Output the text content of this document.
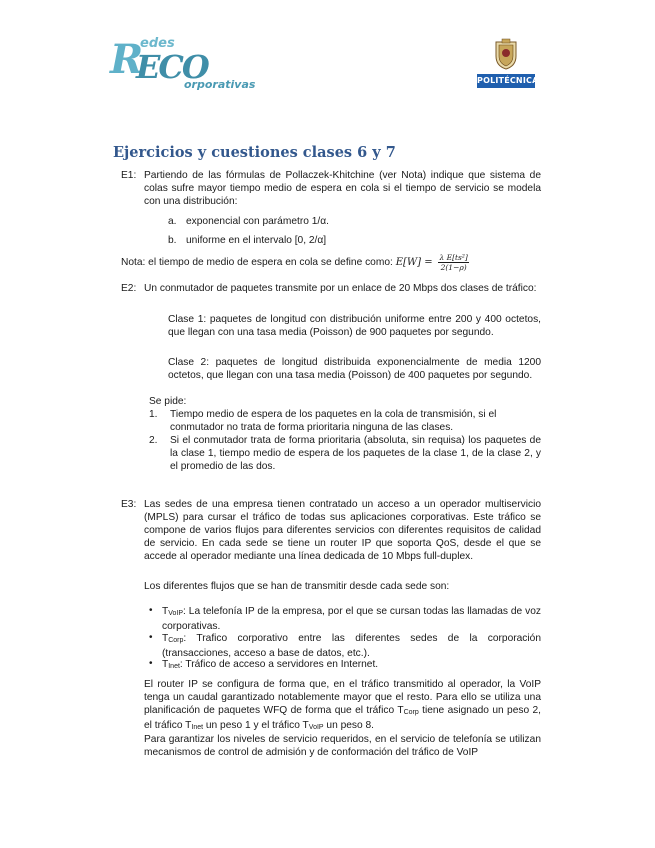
edes
R
ECO
orporativas	POLITÉCNICA
Ejercicios y cuestiones clases 6 y 7
E1: Partiendo de las fórmulas de Pollaczek-Khitchine (ver Nota) indique que sistema de colas sufre mayor tiempo medio de espera en cola si el tiempo de servicio se modela con una distribución:
a. exponencial con parámetro 1/α.
b. uniforme en el intervalo [0, 2/α]
Nota: el tiempo de medio de espera en cola se define como: $E[W] = \frac{\text{λ E[ts²]}}{2(1-\rho)}$
E2: Un conmutador de paquetes transmite por un enlace de 20 Mbps dos clases de tráfico:
Clase 1: paquetes de longitud con distribución uniforme entre 200 y 400 octetos, que llegan con una tasa media (Poisson) de 900 paquetes por segundo.
Clase 2: paquetes de longitud distribuida exponencialmente de media 1200 octetos, que llegan con una tasa media (Poisson) de 400 paquetes por segundo.
Se pide:
1. Tiempo medio de espera de los paquetes en la cola de transmisión, si el conmutador no trata de forma prioritaria ninguna de las clases.
2. Si el conmutador trata de forma prioritaria (absoluta, sin requisa) los paquetes de la clase 1, tiempo medio de espera de los paquetes de la clase 1, de la clase 2, y el promedio de las dos.
E3: Las sedes de una empresa tienen contratado un acceso a un operador multiservicio (MPLS) para cursar el tráfico de todas sus aplicaciones corporativas. Este tráfico se compone de varios flujos para diferentes servicios con diferentes requisitos de calidad de servicio. En cada sede se tiene un router IP que soporta QoS, desde el que se accede al operador mediante una línea dedicada de 10 Mbps full-duplex.
Los diferentes flujos que se han de transmitir desde cada sede son:
• TVoIP: La telefonía IP de la empresa, por el que se cursan todas las llamadas de voz corporativas.
• TCorp: Trafico corporativo entre las diferentes sedes de la corporación (transacciones, acceso a base de datos, etc.).
• TInet: Tráfico de acceso a servidores en Internet.
El router IP se configura de forma que, en el tráfico transmitido al operador, la VoIP tenga un caudal garantizado notablemente mayor que el resto. Para ello se utiliza una planificación de paquetes WFQ de forma que el tráfico TCorp tiene asignado un peso 2, el tráfico TInet un peso 1 y el tráfico TVoIP un peso 8.
Para garantizar los niveles de servicio requeridos, en el servicio de telefonía se utilizan mecanismos de control de admisión y de conformación del tráfico de VoIP
